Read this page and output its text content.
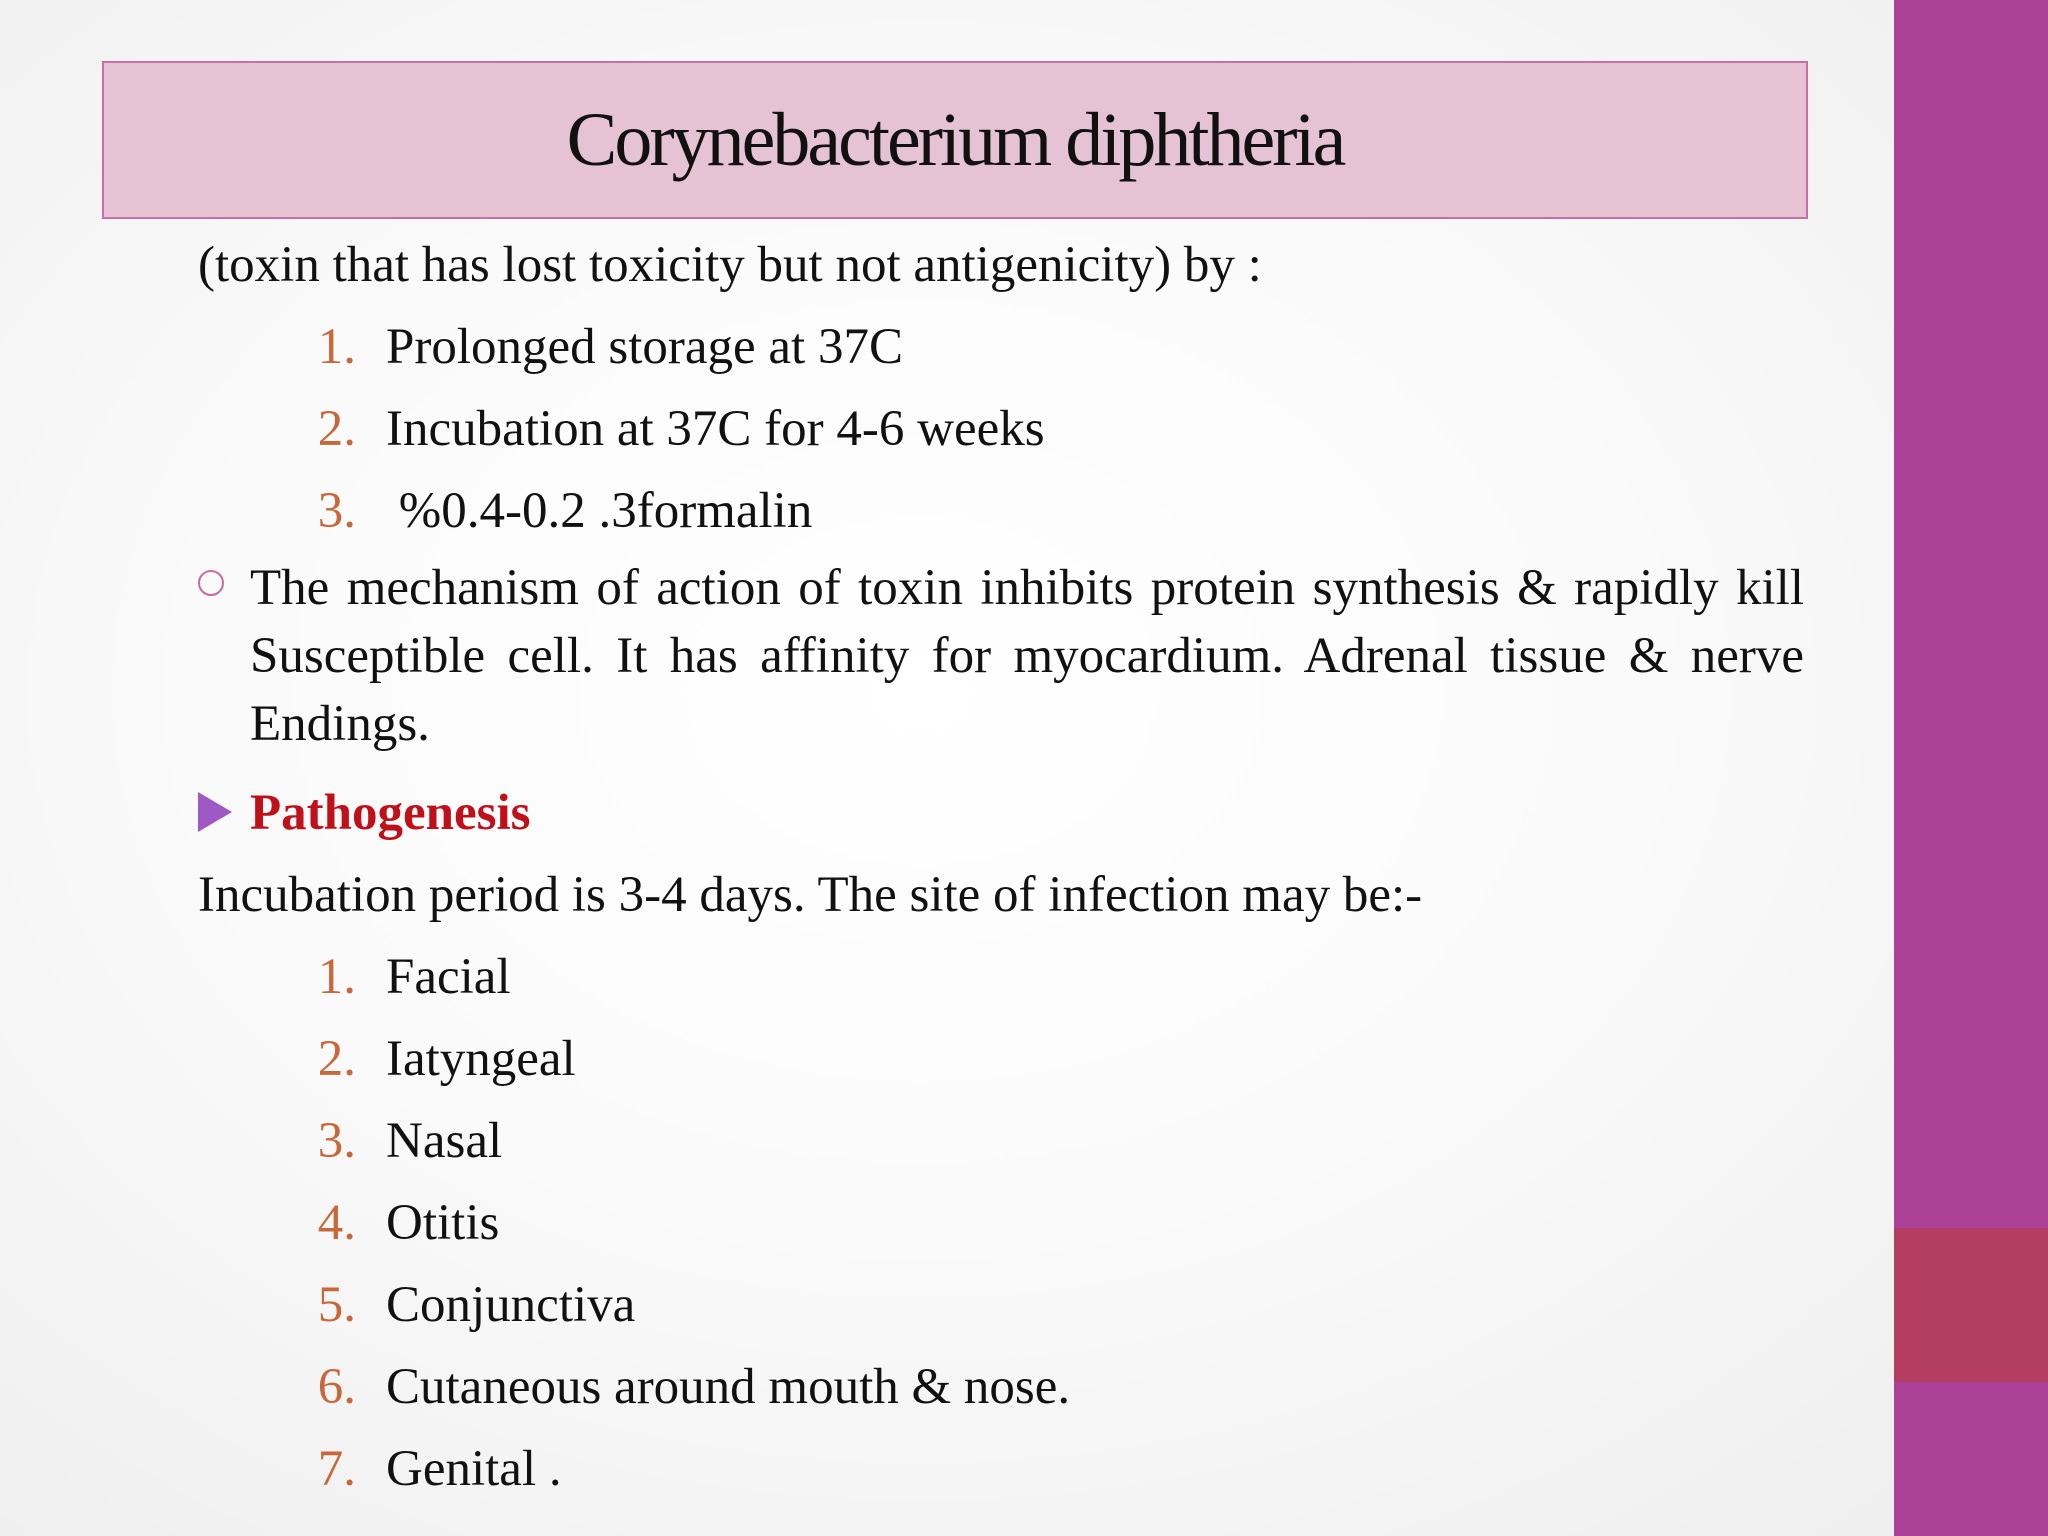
Corynebacterium diphtheria
(toxin that has lost toxicity but not antigenicity) by :
1. Prolonged storage at 37C
2. Incubation at 37C for 4-6 weeks
3. %0.4-0.2 .3formalin
The mechanism of action of toxin inhibits protein synthesis & rapidly kill Susceptible cell. It has affinity for myocardium. Adrenal tissue & nerve Endings.
Pathogenesis
Incubation period is 3-4 days. The site of infection may be:-
1. Facial
2. Iatyngeal
3. Nasal
4. Otitis
5. Conjunctiva
6. Cutaneous around mouth & nose.
7. Genital .
